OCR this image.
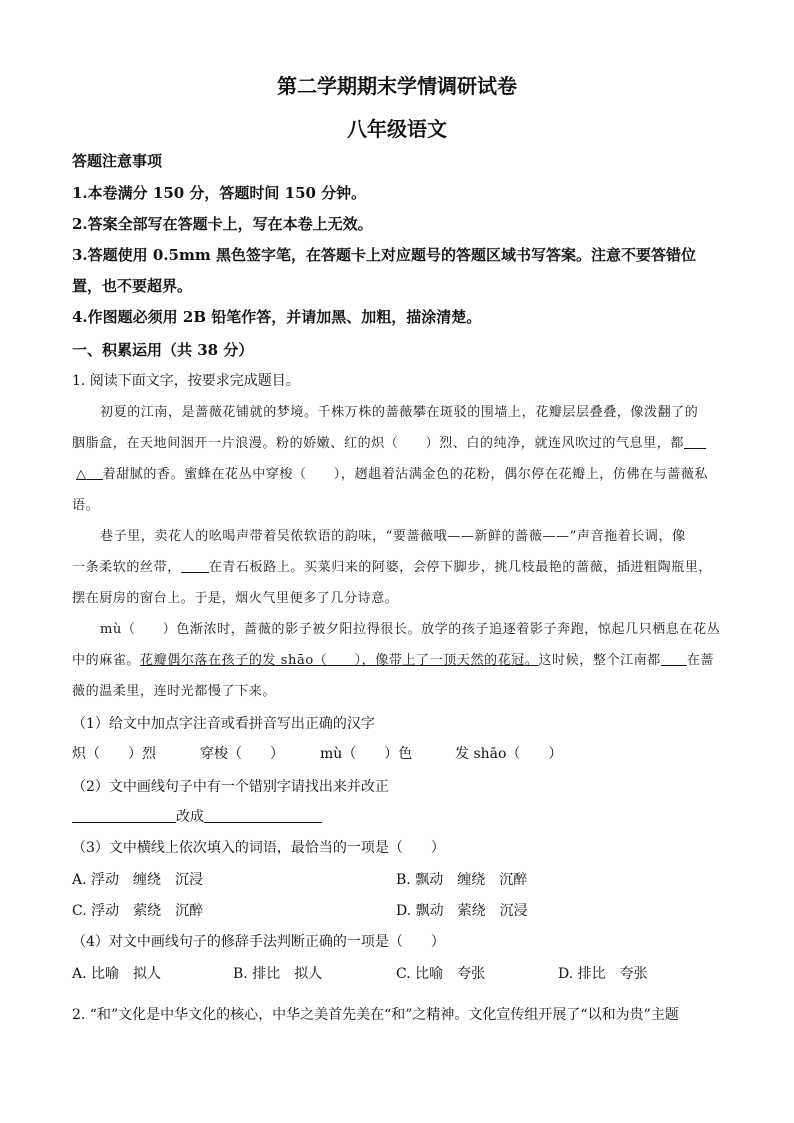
第二学期期末学情调研试卷
八年级语文
答题注意事项
1.本卷满分 150 分，答题时间 150 分钟。
2.答案全部写在答题卡上，写在本卷上无效。
3.答题使用 0.5mm 黑色签字笔，在答题卡上对应题号的答题区域书写答案。注意不要答错位
置，也不要超界。
4.作图题必须用 2B 铅笔作答，并请加黑、加粗，描涂清楚。
一、积累运用（共 38 分）
1. 阅读下面文字，按要求完成题目。
初夏的江南，是蔷薇花铺就的梦境。千株万株的蔷薇攀在斑驳的围墙上，花瓣层层叠叠，像泼翻了的
胭脂盒，在天地间洇开一片浪漫。粉的娇嫩、红的炽（　　）烈、白的纯净，就连风吹过的气息里，都
△ 着甜腻的香。蜜蜂在花丛中穿梭（　　），趔趄着沾满金色的花粉，偶尔停在花瓣上，仿佛在与蔷薇私
语。
巷子里，卖花人的吆喝声带着吴侬软语的韵味，“要蔷薇哦——新鲜的蔷薇——”声音拖着长调，像
一条柔软的丝带， 在青石板路上。买菜归来的阿婆，会停下脚步，挑几枝最艳的蔷薇，插进粗陶瓶里，
摆在厨房的窗台上。于是，烟火气里便多了几分诗意。
mù（　　）色渐浓时，蔷薇的影子被夕阳拉得很长。放学的孩子追逐着影子奔跑，惊起几只栖息在花丛
中的麻雀。花瓣偶尔落在孩子的发 shāo（　　），像带上了一顶天然的花冠。这时候，整个江南都 在蔷
薇的温柔里，连时光都慢了下来。
（1）给文中加点字注音或看拼音写出正确的汉字
炽（　　）烈	穿梭（　　）	mù（　　）色	发 shāo（　　）
（2）文中画线句子中有一个错别字请找出来并改正
改成
（3）文中横线上依次填入的词语，最恰当的一项是（　　）
A. 浮动　缠绕　沉浸	B. 飘动　缠绕　沉醉
C. 浮动　萦绕　沉醉	D. 飘动　萦绕　沉浸
（4）对文中画线句子的修辞手法判断正确的一项是（　　）
A. 比喻　拟人	B. 排比　拟人	C. 比喻　夸张	D. 排比　夸张
2. “和”文化是中华文化的核心，中华之美首先美在“和”之精神。文化宣传组开展了“以和为贵”主题
